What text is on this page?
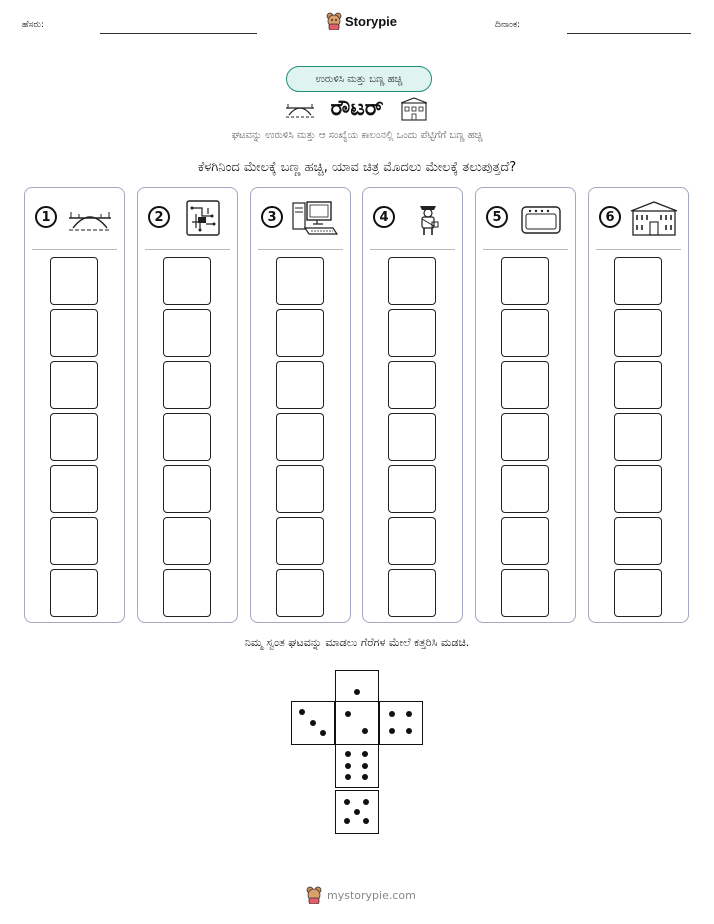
ಹೆಸರು:	Storypie	ದಿನಾಂಕ:
ಉರುಳಿಸಿ ಮತ್ತು ಬಣ್ಣ ಹಚ್ಚಿ
ರೌಟರ್
ಘಟವನ್ನು ಉರುಳಿಸಿ ಮತ್ತು ಆ ಸಂಖ್ಯೆಯ ಕಾಲಂನಲ್ಲಿ ಒಂದು ಪೆಟ್ಟಿಗೆಗೆ ಬಣ್ಣ ಹಚ್ಚಿ
ಕೆಳಗಿನಿಂದ ಮೇಲಕ್ಕೆ ಬಣ್ಣ ಹಚ್ಚಿ, ಯಾವ ಚಿತ್ರ ಮೊದಲು ಮೇಲಕ್ಕೆ ತಲುಪುತ್ತದೆ?
1	2	3	4	5	6
ನಿಮ್ಮ ಸ್ವಂತ ಘಟವನ್ನು ಮಾಡಲು ಗೆರೆಗಳ ಮೇಲೆ ಕತ್ತರಿಸಿ ಮಡಚಿ.
mystorypie.com
